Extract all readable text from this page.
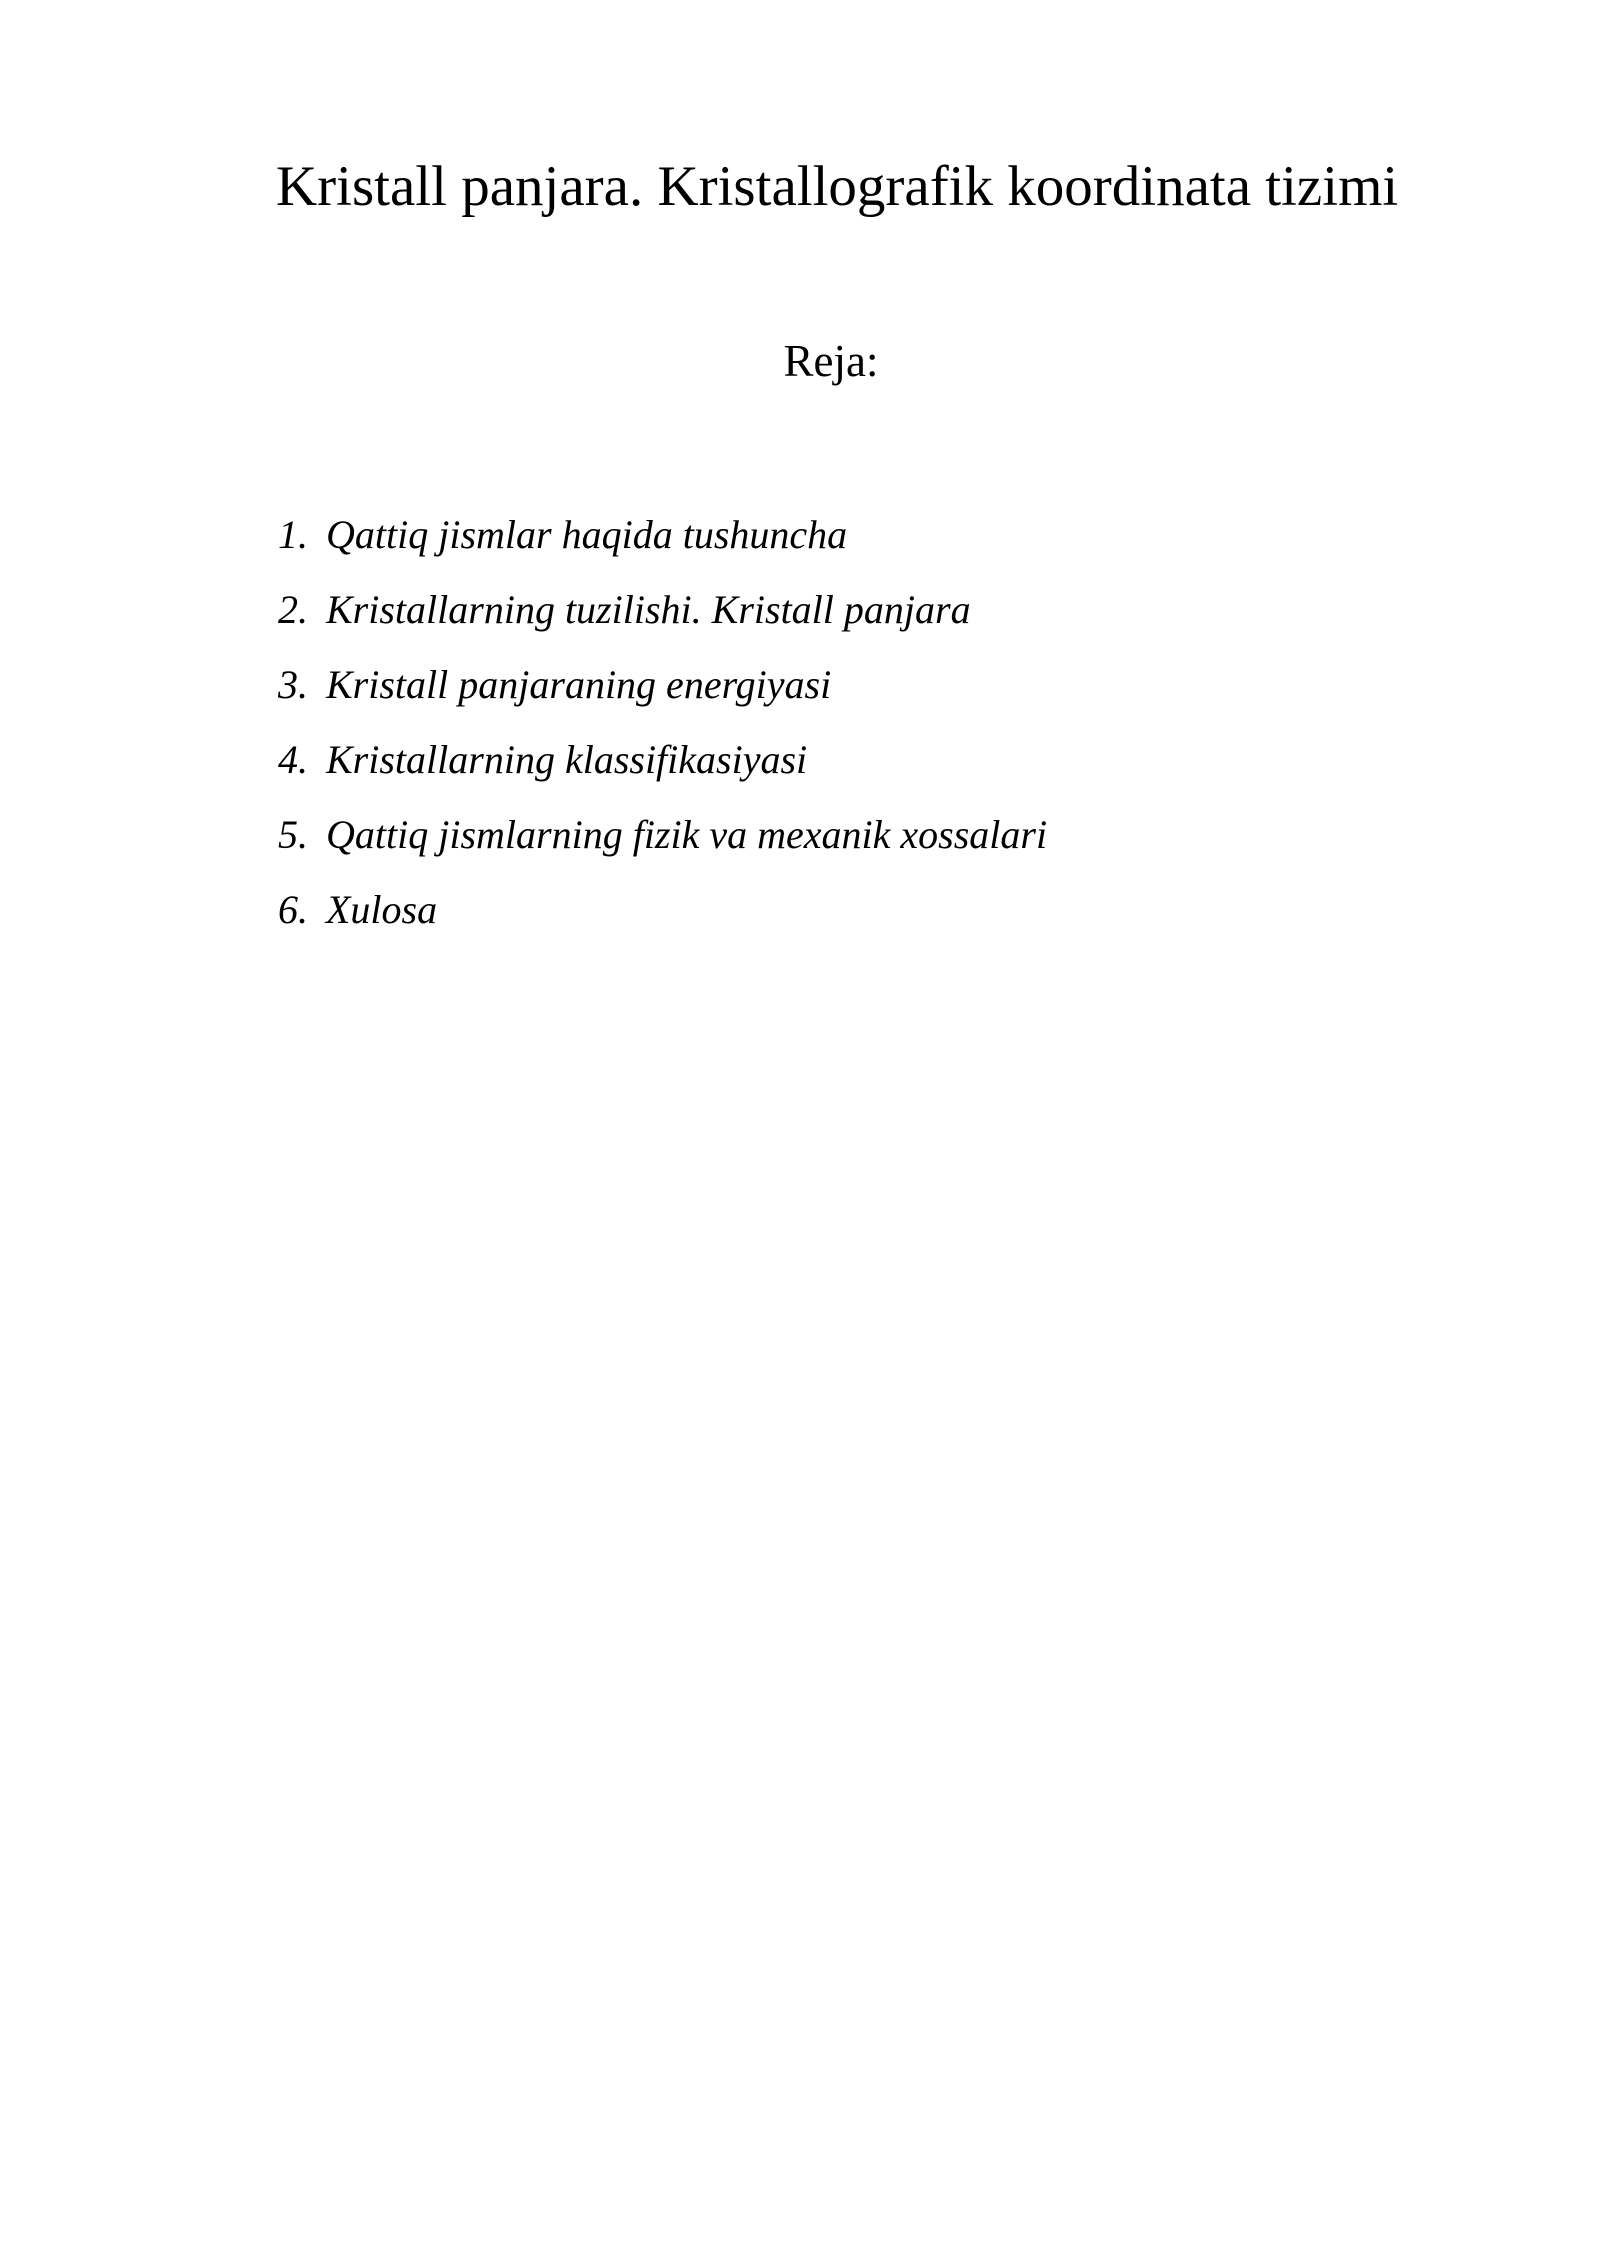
Kristall panjara. Kristallografik koordinata tizimi
Reja:
1. Qattiq jismlar haqida tushuncha
2. Kristallarning tuzilishi. Kristall panjara
3. Kristall panjaraning energiyasi
4. Kristallarning klassifikasiyasi
5. Qattiq jismlarning fizik va mexanik xossalari
6. Xulosa
